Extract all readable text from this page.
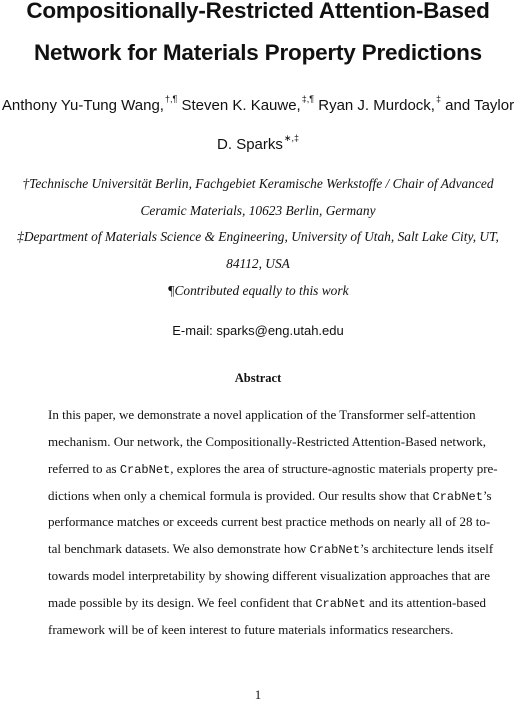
Compositionally-Restricted Attention-Based
Network for Materials Property Predictions
Anthony Yu-Tung Wang,†,¶ Steven K. Kauwe,‡,¶ Ryan J. Murdock,‡ and Taylor
D. Sparks∗,‡
†Technische Universität Berlin, Fachgebiet Keramische Werkstoffe / Chair of Advanced
Ceramic Materials, 10623 Berlin, Germany
‡Department of Materials Science & Engineering, University of Utah, Salt Lake City, UT,
84112, USA
¶Contributed equally to this work
E-mail: sparks@eng.utah.edu
Abstract
In this paper, we demonstrate a novel application of the Transformer self-attention
mechanism. Our network, the Compositionally-Restricted Attention-Based network,
referred to as CrabNet, explores the area of structure-agnostic materials property pre-
dictions when only a chemical formula is provided. Our results show that CrabNet’s
performance matches or exceeds current best practice methods on nearly all of 28 to-
tal benchmark datasets. We also demonstrate how CrabNet’s architecture lends itself
towards model interpretability by showing different visualization approaches that are
made possible by its design. We feel confident that CrabNet and its attention-based
framework will be of keen interest to future materials informatics researchers.
1
